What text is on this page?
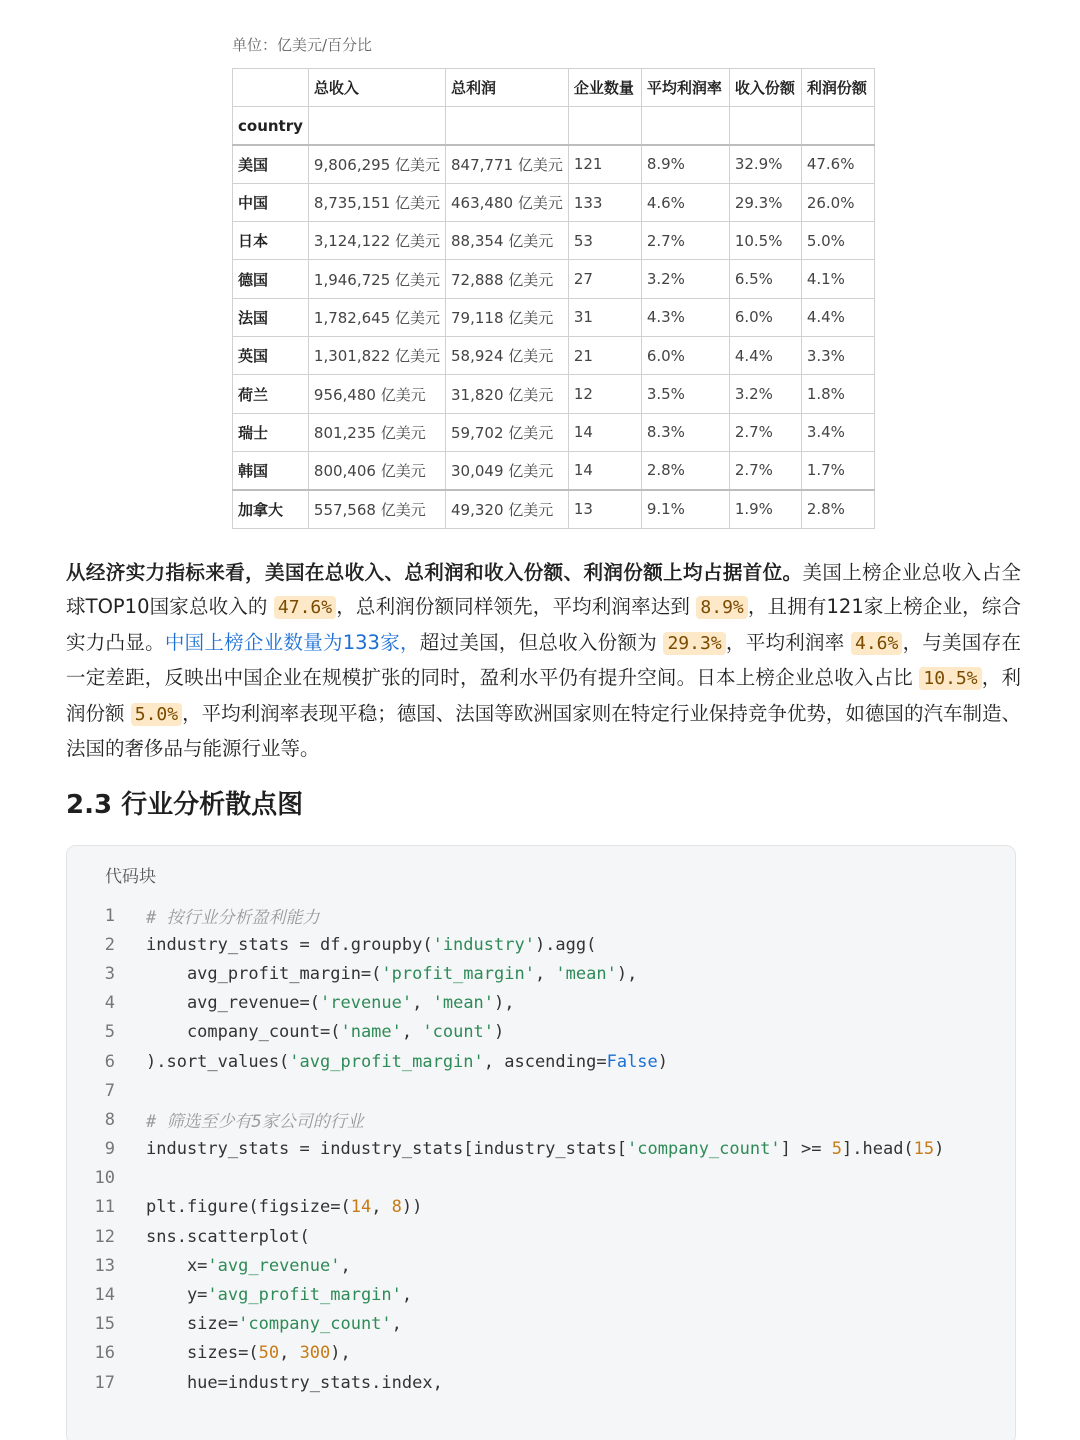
单位：亿美元/百分比
	总收入	总利润	企业数量	平均利润率	收入份额	利润份额
country						
美国	9,806,295 亿美元	847,771 亿美元	121	8.9%	32.9%	47.6%
中国	8,735,151 亿美元	463,480 亿美元	133	4.6%	29.3%	26.0%
日本	3,124,122 亿美元	88,354 亿美元	53	2.7%	10.5%	5.0%
德国	1,946,725 亿美元	72,888 亿美元	27	3.2%	6.5%	4.1%
法国	1,782,645 亿美元	79,118 亿美元	31	4.3%	6.0%	4.4%
英国	1,301,822 亿美元	58,924 亿美元	21	6.0%	4.4%	3.3%
荷兰	956,480 亿美元	31,820 亿美元	12	3.5%	3.2%	1.8%
瑞士	801,235 亿美元	59,702 亿美元	14	8.3%	2.7%	3.4%
韩国	800,406 亿美元	30,049 亿美元	14	2.8%	2.7%	1.7%
加拿大	557,568 亿美元	49,320 亿美元	13	9.1%	1.9%	2.8%
从经济实力指标来看，美国在总收入、总利润和收入份额、利润份额上均占据首位。美国上榜企业总收入占全球TOP10国家总收入的 47.6% ，总利润份额同样领先，平均利润率达到 8.9% ，且拥有121家上榜企业，综合实力凸显。中国上榜企业数量为133家，超过美国，但总收入份额为 29.3% ，平均利润率 4.6% ，与美国存在一定差距，反映出中国企业在规模扩张的同时，盈利水平仍有提升空间。日本上榜企业总收入占比 10.5% ，利润份额 5.0% ，平均利润率表现平稳；德国、法国等欧洲国家则在特定行业保持竞争优势，如德国的汽车制造、法国的奢侈品与能源行业等。
2.3 行业分析散点图
代码块
1	# 按行业分析盈利能力
2	industry_stats = df.groupby('industry').agg(
3	avg_profit_margin=('profit_margin', 'mean'),
4	avg_revenue=('revenue', 'mean'),
5	company_count=('name', 'count')
6	).sort_values('avg_profit_margin', ascending=False)
7
8	# 筛选至少有5家公司的行业
9	industry_stats = industry_stats[industry_stats['company_count'] >= 5].head(15)
10
11	plt.figure(figsize=(14, 8))
12	sns.scatterplot(
13	x='avg_revenue',
14	y='avg_profit_margin',
15	size='company_count',
16	sizes=(50, 300),
17	hue=industry_stats.index,
